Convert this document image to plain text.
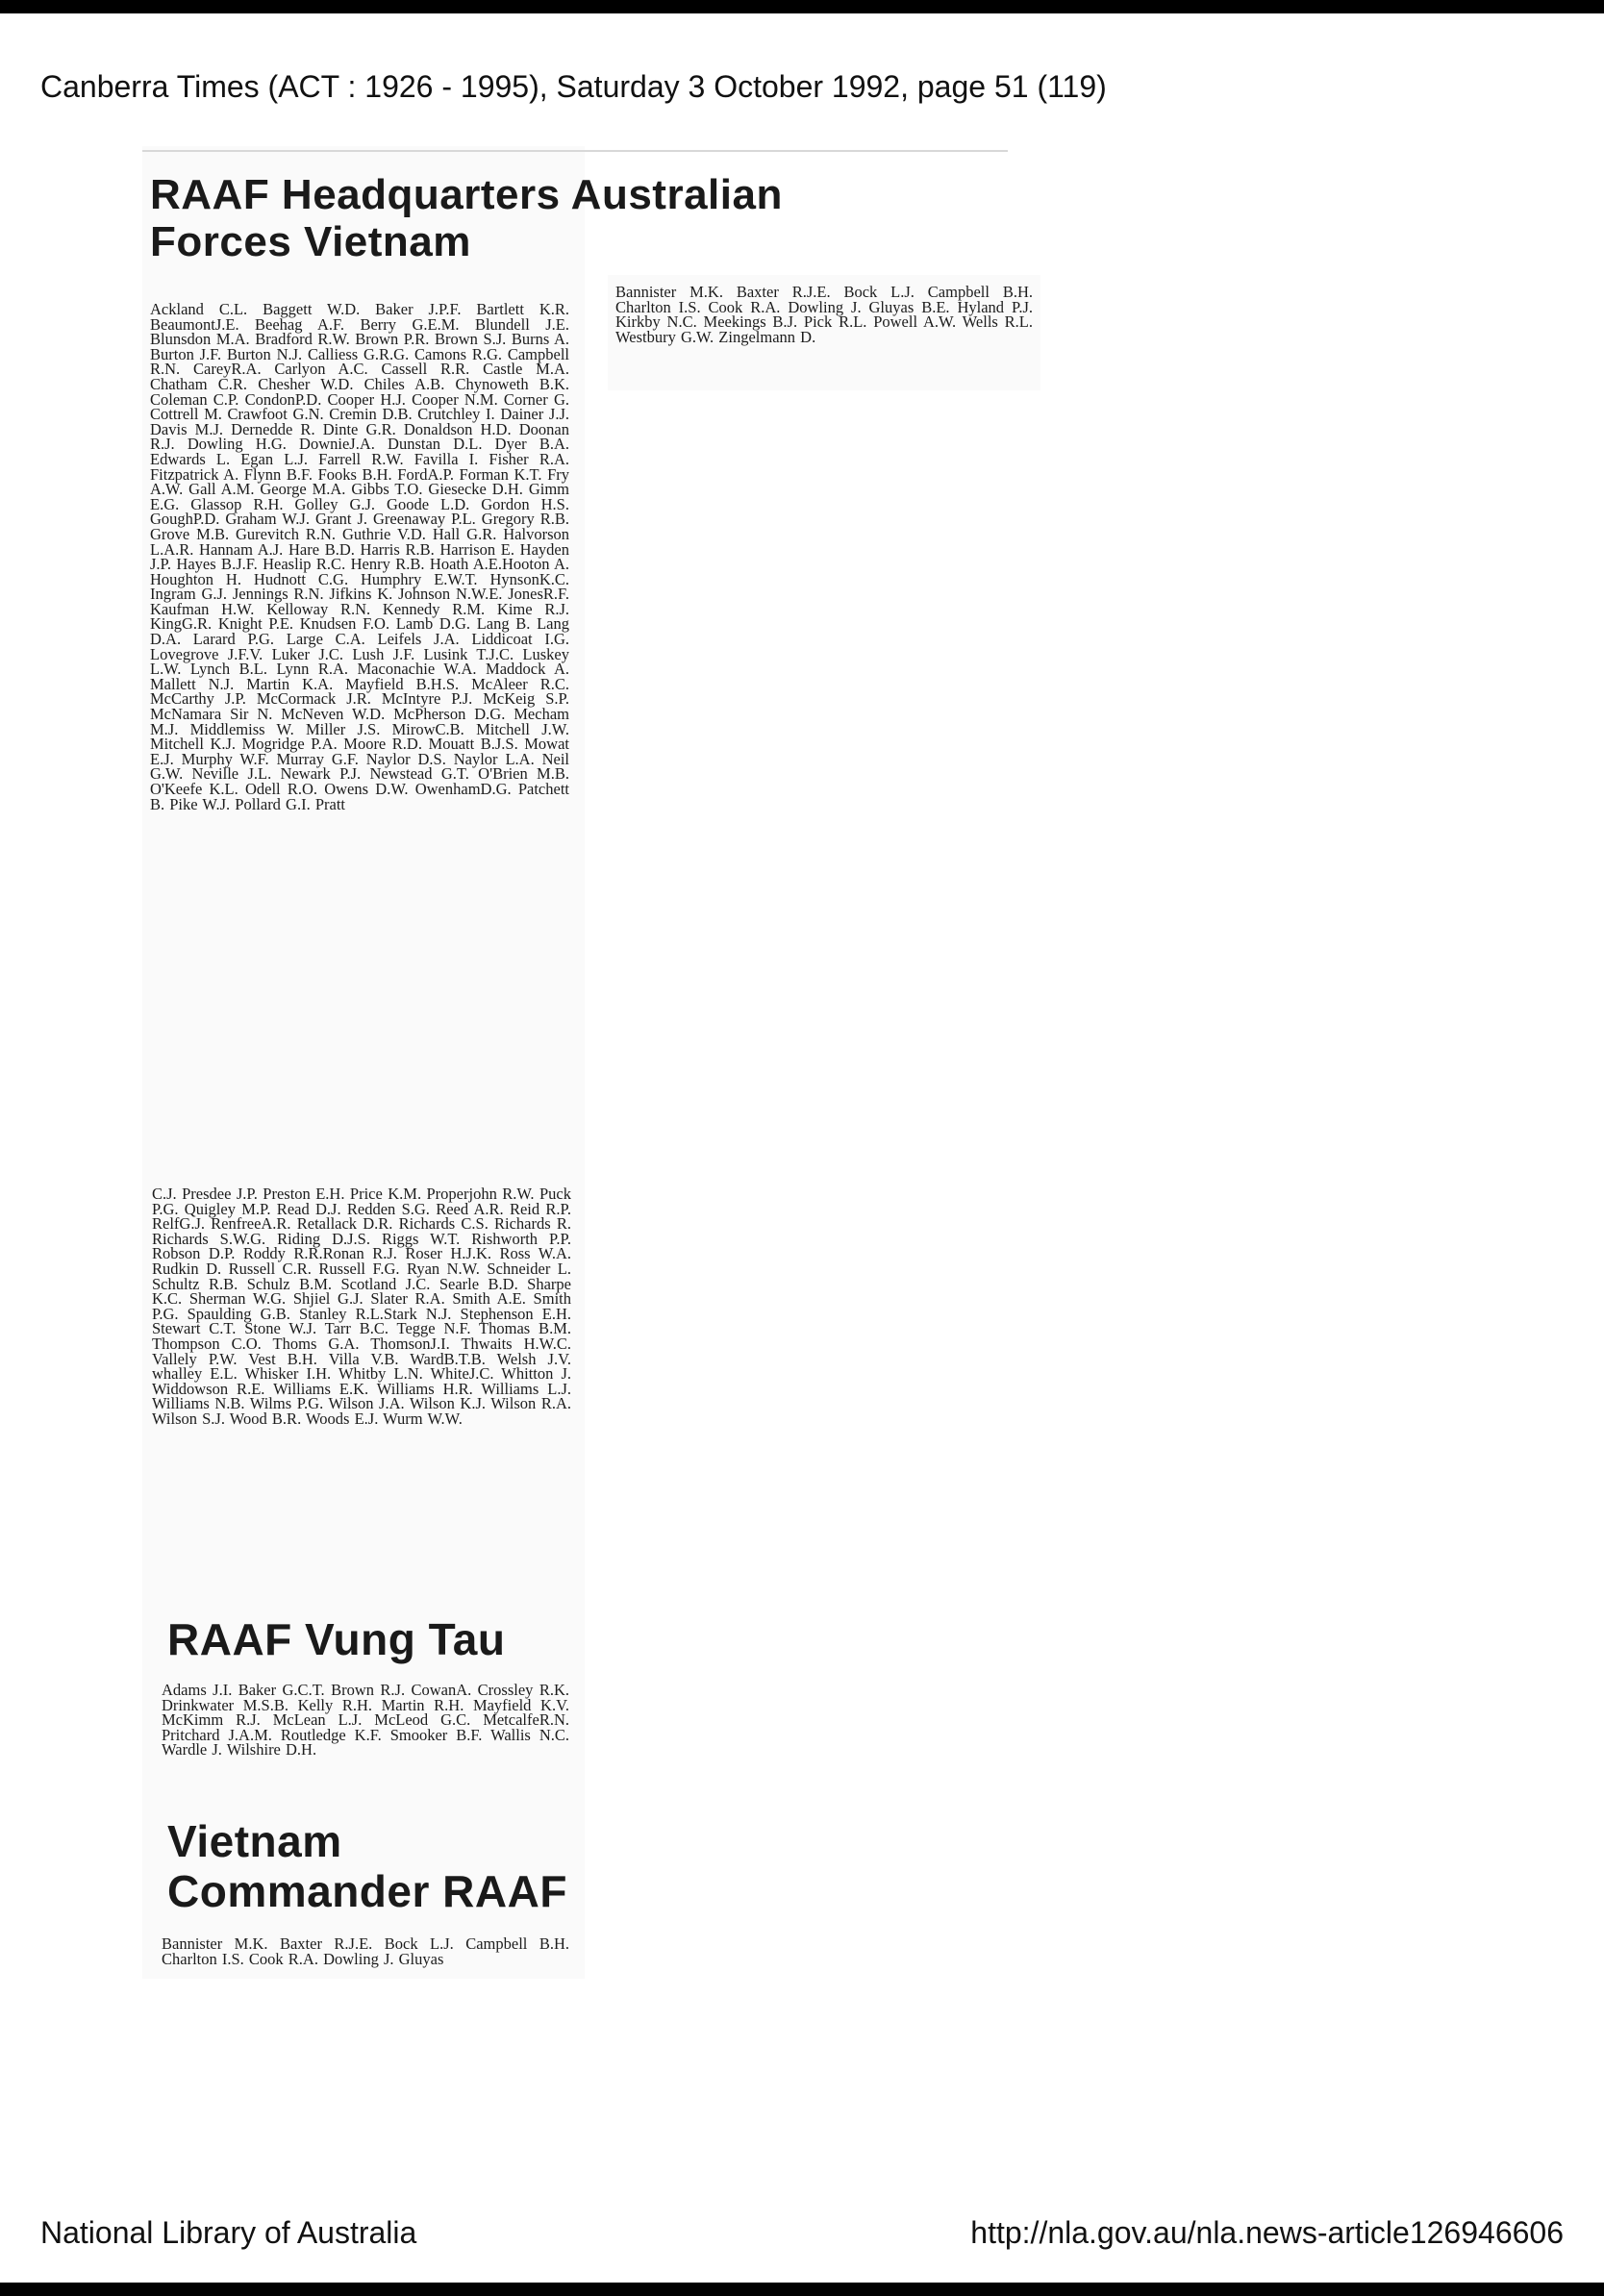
Canberra Times (ACT : 1926 - 1995), Saturday 3 October 1992, page 51 (119)
RAAF Headquarters Australian
Forces Vietnam

Ackland C.L. Baggett W.D. Baker J.P.F. Bartlett K.R. BeaumontJ.E. Beehag A.F. Berry G.E.M. Blundell J.E. Blunsdon M.A. Bradford R.W. Brown P.R. Brown S.J. Burns A. Burton J.F. Burton N.J. Calliess G.R.G. Camons R.G. Campbell R.N. CareyR.A. Carlyon A.C. Cassell R.R. Castle M.A. Chatham C.R. Chesher W.D. Chiles A.B. Chynoweth B.K. Coleman C.P. CondonP.D. Cooper H.J. Cooper N.M. Corner G. Cottrell M. Crawfoot G.N. Cremin D.B. Crutchley I. Dainer J.J. Davis M.J. Dernedde R. Dinte G.R. Donaldson H.D. Doonan R.J. Dowling H.G. DownieJ.A. Dunstan D.L. Dyer B.A. Edwards L. Egan L.J. Farrell R.W. Favilla I. Fisher R.A. Fitzpatrick A. Flynn B.F. Fooks B.H. FordA.P. Forman K.T. Fry A.W. Gall A.M. George M.A. Gibbs T.O. Giesecke D.H. Gimm E.G. Glassop R.H. Golley G.J. Goode L.D. Gordon H.S. GoughP.D. Graham W.J. Grant J. Greenaway P.L. Gregory R.B. Grove M.B. Gurevitch R.N. Guthrie V.D. Hall G.R. Halvorson L.A.R. Hannam A.J. Hare B.D. Harris R.B. Harrison E. Hayden J.P. Hayes B.J.F. Heaslip R.C. Henry R.B. Hoath A.E.Hooton A. Houghton H. Hudnott C.G. Humphry E.W.T. HynsonK.C. Ingram G.J. Jennings R.N. Jifkins K. Johnson N.W.E. JonesR.F. Kaufman H.W. Kelloway R.N. Kennedy R.M. Kime R.J. KingG.R. Knight P.E. Knudsen F.O. Lamb D.G. Lang B. Lang D.A. Larard P.G. Large C.A. Leifels J.A. Liddicoat I.G. Lovegrove J.F.V. Luker J.C. Lush J.F. Lusink T.J.C. Luskey L.W. Lynch B.L. Lynn R.A. Maconachie W.A. Maddock A. Mallett N.J. Martin K.A. Mayfield B.H.S. McAleer R.C. McCarthy J.P. McCormack J.R. McIntyre P.J. McKeig S.P. McNamara Sir N. McNeven W.D. McPherson D.G. Mecham M.J. Middlemiss W. Miller J.S. MirowC.B. Mitchell J.W. Mitchell K.J. Mogridge P.A. Moore R.D. Mouatt B.J.S. Mowat E.J. Murphy W.F. Murray G.F. Naylor D.S. Naylor L.A. Neil G.W. Neville J.L. Newark P.J. Newstead G.T. O'Brien M.B. O'Keefe K.L. Odell R.O. Owens D.W. OwenhamD.G. Patchett B. Pike W.J. Pollard G.I. Pratt

C.J. Presdee J.P. Preston E.H. Price K.M. Properjohn R.W. Puck P.G. Quigley M.P. Read D.J. Redden S.G. Reed A.R. Reid R.P. RelfG.J. RenfreeA.R. Retallack D.R. Richards C.S. Richards R. Richards S.W.G. Riding D.J.S. Riggs W.T. Rishworth P.P. Robson D.P. Roddy R.R.Ronan R.J. Roser H.J.K. Ross W.A. Rudkin D. Russell C.R. Russell F.G. Ryan N.W. Schneider L. Schultz R.B. Schulz B.M. Scotland J.C. Searle B.D. Sharpe K.C. Sherman W.G. Shjiel G.J. Slater R.A. Smith A.E. Smith P.G. Spaulding G.B. Stanley R.L.Stark N.J. Stephenson E.H. Stewart C.T. Stone W.J. Tarr B.C. Tegge N.F. Thomas B.M. Thompson C.O. Thoms G.A. ThomsonJ.I. Thwaits H.W.C. Vallely P.W. Vest B.H. Villa V.B. WardB.T.B. Welsh J.V. whalley E.L. Whisker I.H. Whitby L.N. WhiteJ.C. Whitton J. Widdowson R.E. Williams E.K. Williams H.R. Williams L.J. Williams N.B. Wilms P.G. Wilson J.A. Wilson K.J. Wilson R.A. Wilson S.J. Wood B.R. Woods E.J. Wurm W.W.

RAAF Vung Tau

Adams J.I. Baker G.C.T. Brown R.J. CowanA. Crossley R.K. Drinkwater M.S.B. Kelly R.H. Martin R.H. Mayfield K.V. McKimm R.J. McLean L.J. McLeod G.C. MetcalfeR.N. Pritchard J.A.M. Routledge K.F. Smooker B.F. Wallis N.C. Wardle J. Wilshire D.H.

Vietnam
Commander RAAF

Bannister M.K. Baxter R.J.E. Bock L.J. Campbell B.H. Charlton I.S. Cook R.A. Dowling J. Gluyas

Bannister M.K. Baxter R.J.E. Bock L.J. Campbell B.H. Charlton I.S. Cook R.A. Dowling J. Gluyas B.E. Hyland P.J. Kirkby N.C. Meekings B.J. Pick R.L. Powell A.W. Wells R.L. Westbury G.W. Zingelmann D.

National Library of Australia	http://nla.gov.au/nla.news-article126946606
